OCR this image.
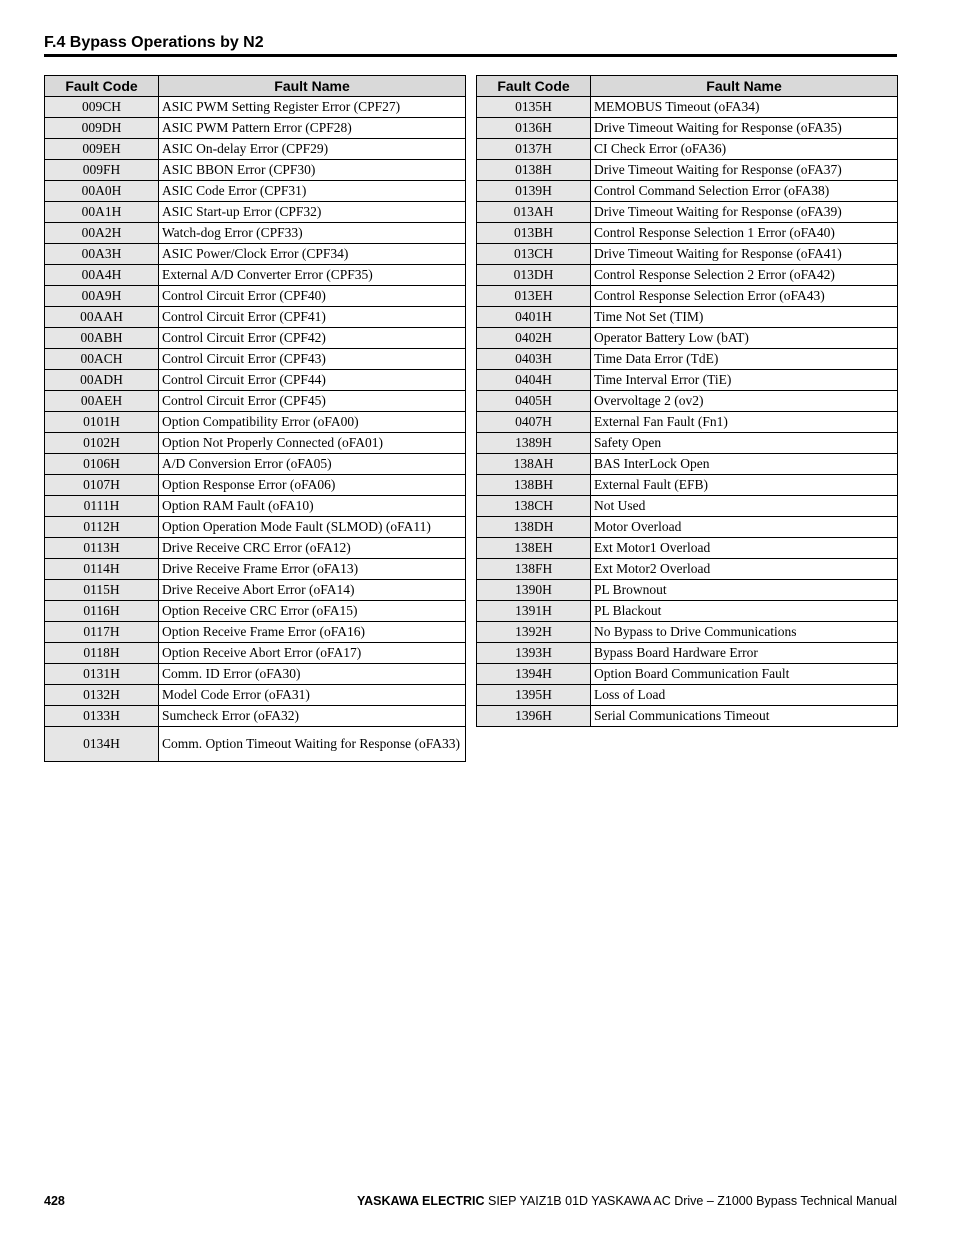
F.4 Bypass Operations by N2
Fault Code	Fault Name
009CH	ASIC PWM Setting Register Error (CPF27)
009DH	ASIC PWM Pattern Error (CPF28)
009EH	ASIC On-delay Error (CPF29)
009FH	ASIC BBON Error (CPF30)
00A0H	ASIC Code Error (CPF31)
00A1H	ASIC Start-up Error (CPF32)
00A2H	Watch-dog Error (CPF33)
00A3H	ASIC Power/Clock Error (CPF34)
00A4H	External A/D Converter Error (CPF35)
00A9H	Control Circuit Error (CPF40)
00AAH	Control Circuit Error (CPF41)
00ABH	Control Circuit Error (CPF42)
00ACH	Control Circuit Error (CPF43)
00ADH	Control Circuit Error (CPF44)
00AEH	Control Circuit Error (CPF45)
0101H	Option Compatibility Error (oFA00)
0102H	Option Not Properly Connected (oFA01)
0106H	A/D Conversion Error (oFA05)
0107H	Option Response Error (oFA06)
0111H	Option RAM Fault (oFA10)
0112H	Option Operation Mode Fault (SLMOD) (oFA11)
0113H	Drive Receive CRC Error (oFA12)
0114H	Drive Receive Frame Error (oFA13)
0115H	Drive Receive Abort Error (oFA14)
0116H	Option Receive CRC Error (oFA15)
0117H	Option Receive Frame Error (oFA16)
0118H	Option Receive Abort Error (oFA17)
0131H	Comm. ID Error (oFA30)
0132H	Model Code Error (oFA31)
0133H	Sumcheck Error (oFA32)
0134H	Comm. Option Timeout Waiting for Response (oFA33)
Fault Code	Fault Name
0135H	MEMOBUS Timeout (oFA34)
0136H	Drive Timeout Waiting for Response (oFA35)
0137H	CI Check Error (oFA36)
0138H	Drive Timeout Waiting for Response (oFA37)
0139H	Control Command Selection Error (oFA38)
013AH	Drive Timeout Waiting for Response (oFA39)
013BH	Control Response Selection 1 Error (oFA40)
013CH	Drive Timeout Waiting for Response (oFA41)
013DH	Control Response Selection 2 Error (oFA42)
013EH	Control Response Selection Error (oFA43)
0401H	Time Not Set (TIM)
0402H	Operator Battery Low (bAT)
0403H	Time Data Error (TdE)
0404H	Time Interval Error (TiE)
0405H	Overvoltage 2 (ov2)
0407H	External Fan Fault (Fn1)
1389H	Safety Open
138AH	BAS InterLock Open
138BH	External Fault (EFB)
138CH	Not Used
138DH	Motor Overload
138EH	Ext Motor1 Overload
138FH	Ext Motor2 Overload
1390H	PL Brownout
1391H	PL Blackout
1392H	No Bypass to Drive Communications
1393H	Bypass Board Hardware Error
1394H	Option Board Communication Fault
1395H	Loss of Load
1396H	Serial Communications Timeout
428	YASKAWA ELECTRIC SIEP YAIZ1B 01D YASKAWA AC Drive – Z1000 Bypass Technical Manual
